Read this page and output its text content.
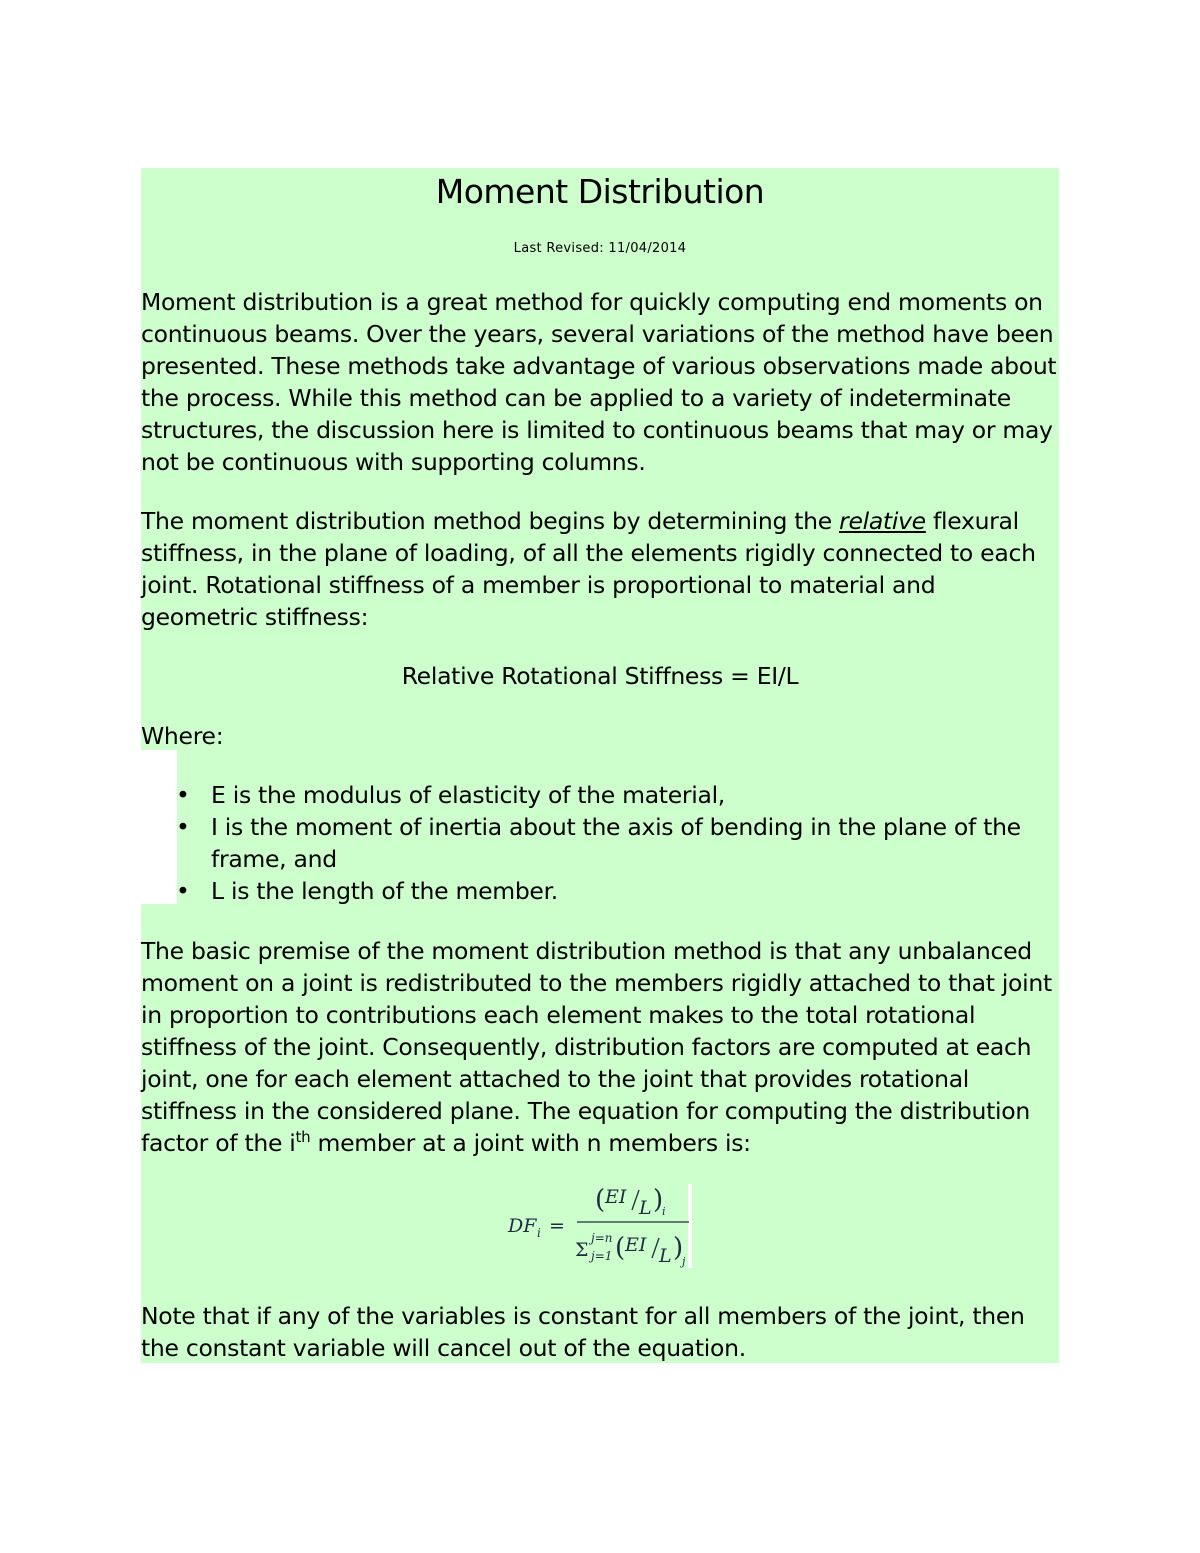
Moment Distribution
Last Revised: 11/04/2014
Moment distribution is a great method for quickly computing end moments on continuous beams. Over the years, several variations of the method have been presented. These methods take advantage of various observations made about the process. While this method can be applied to a variety of indeterminate structures, the discussion here is limited to continuous beams that may or may not be continuous with supporting columns.
The moment distribution method begins by determining the relative flexural stiffness, in the plane of loading, of all the elements rigidly connected to each joint. Rotational stiffness of a member is proportional to material and geometric stiffness:
Relative Rotational Stiffness = EI/L
Where:
• E is the modulus of elasticity of the material,
• I is the moment of inertia about the axis of bending in the plane of the frame, and
• L is the length of the member.
The basic premise of the moment distribution method is that any unbalanced moment on a joint is redistributed to the members rigidly attached to that joint in proportion to contributions each element makes to the total rotational stiffness of the joint. Consequently, distribution factors are computed at each joint, one for each element attached to the joint that provides rotational stiffness in the considered plane. The equation for computing the distribution factor of the $i^{th}$ member at a joint with n members is:
DF i =
( EI L )
i
Σ
j=n
j=1 ( EI L )
j
Note that if any of the variables is constant for all members of the joint, then the constant variable will cancel out of the equation.
